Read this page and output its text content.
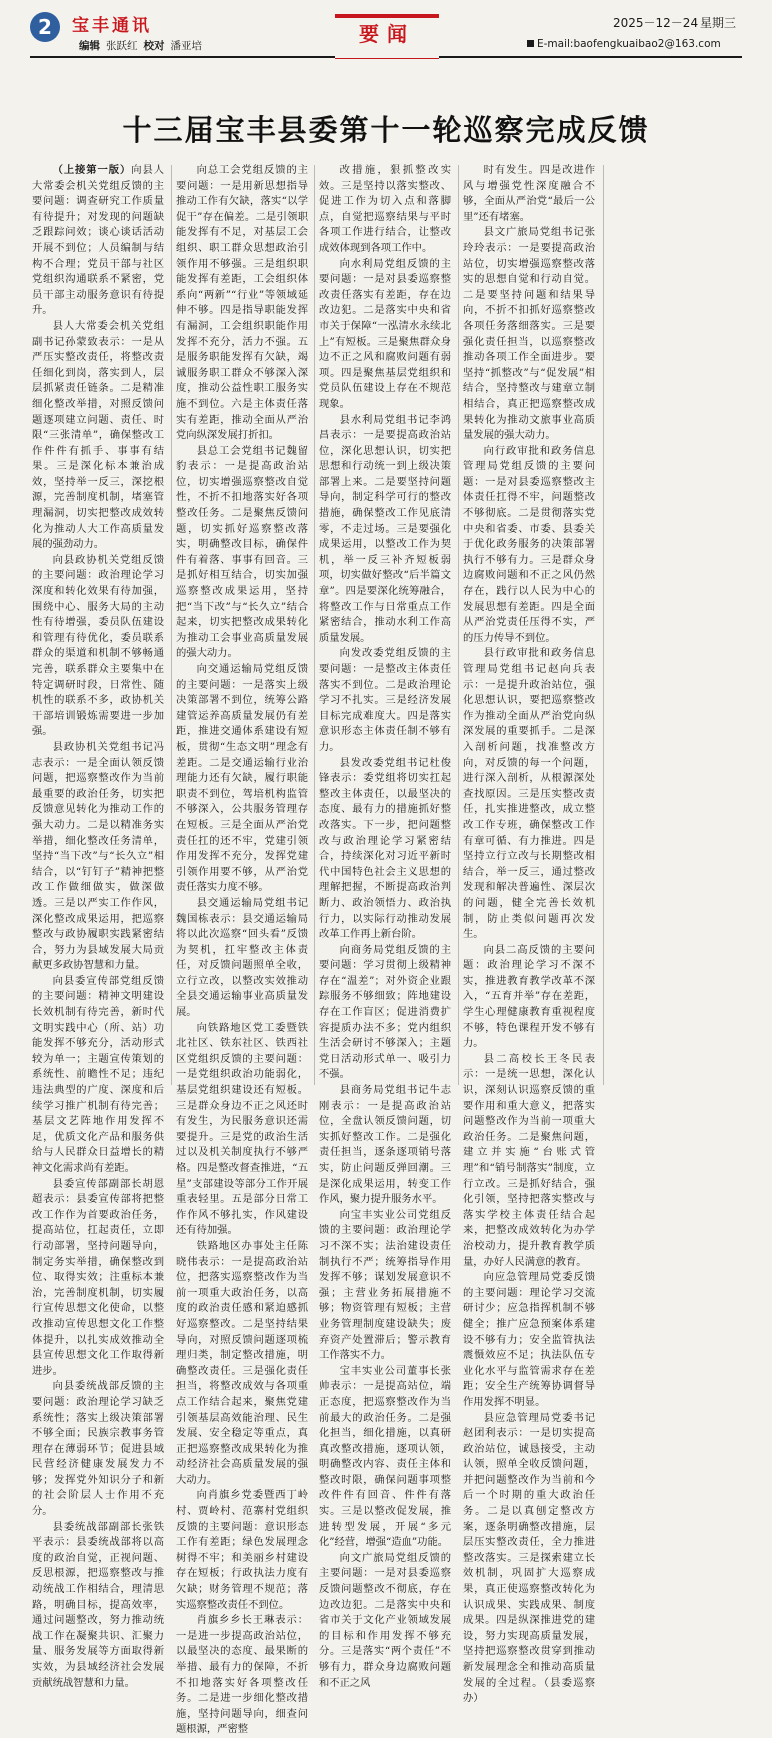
2	宝丰通讯
编辑 张跃红 校对 潘亚培	要闻	2025－12－24 星期三
E-mail:baofengkuaibao2@163.com
十三届宝丰县委第十一轮巡察完成反馈

（上接第一版）向县人大常委会机关党组反馈的主要问题：调查研究工作质量有待提升；对发现的问题缺乏跟踪问效；谈心谈话活动开展不到位；人员编制与结构不合理；党员干部与社区党组织沟通联系不紧密，党员干部主动服务意识有待提升。

县人大常委会机关党组副书记孙蒙致表示：一是从严压实整改责任，将整改责任细化到岗，落实到人，层层抓紧责任链条。二是精准细化整改举措，对照反馈问题逐项建立问题、责任、时限“三张清单”，确保整改工作件件有抓手、事事有结果。三是深化标本兼治成效，坚持举一反三，深挖根源，完善制度机制，堵塞管理漏洞，切实把整改成效转化为推动人大工作高质量发展的强劲动力。

向县政协机关党组反馈的主要问题：政治理论学习深度和转化效果有待加强，围绕中心、服务大局的主动性有待增强，委员队伍建设和管理有待优化，委员联系群众的渠道和机制不够畅通完善，联系群众主要集中在特定调研时段，日常性、随机性的联系不多，政协机关干部培训锻炼需要进一步加强。

县政协机关党组书记冯志表示：一是全面认领反馈问题，把巡察整改作为当前最重要的政治任务，切实把反馈意见转化为推动工作的强大动力。二是以精准务实举措，细化整改任务清单，坚持“当下改”与“长久立”相结合，以“钉钉子”精神把整改工作做细做实，做深做透。三是以严实工作作风，深化整改成果运用，把巡察整改与政协履职实践紧密结合，努力为县域发展大局贡献更多政协智慧和力量。

向县委宣传部党组反馈的主要问题：精神文明建设长效机制有待完善，新时代文明实践中心（所、站）功能发挥不够充分，活动形式较为单一；主题宣传策划的系统性、前瞻性不足；违纪违法典型的广度、深度和后续学习推广机制有待完善；基层文艺阵地作用发挥不足，优质文化产品和服务供给与人民群众日益增长的精神文化需求尚有差距。

县委宣传部副部长胡恩超表示：县委宣传部将把整改工作作为首要政治任务，提高站位，扛起责任，立即行动部署，坚持问题导向，制定务实举措，确保整改到位、取得实效；注重标本兼治，完善制度机制，切实履行宣传思想文化使命，以整改推动宣传思想文化工作整体提升，以扎实成效推动全县宣传思想文化工作取得新进步。

向县委统战部反馈的主要问题：政治理论学习缺乏系统性；落实上级决策部署不够全面；民族宗教事务管理存在薄弱环节；促进县域民营经济健康发展发力不够；发挥党外知识分子和新的社会阶层人士作用不充分。

县委统战部副部长张铁平表示：县委统战部将以高度的政治自觉，正视问题、反思根源，把巡察整改与推动统战工作相结合，理清思路，明确目标，提高效率，通过问题整改，努力推动统战工作在凝聚共识、汇聚力量、服务发展等方面取得新实效，为县域经济社会发展贡献统战智慧和力量。

向总工会党组反馈的主要问题：一是用新思想指导推动工作有欠缺，落实“以学促干”存在偏差。二是引领职能发挥有不足，对基层工会组织、职工群众思想政治引领作用不够强。三是组织职能发挥有差距，工会组织体系向“两新”“行业”等领域延伸不够。四是指导职能发挥有漏洞，工会组织职能作用发挥不充分，活力不强。五是服务职能发挥有欠缺，竭诚服务职工群众不够深入深度，推动公益性职工服务实施不到位。六是主体责任落实有差距，推动全面从严治党向纵深发展打折扣。

县总工会党组书记魏留豹表示：一是提高政治站位，切实增强巡察整改自觉性，不折不扣地落实好各项整改任务。二是聚焦反馈问题，切实抓好巡察整改落实，明确整改目标，确保件件有着落、事事有回音。三是抓好相互结合，切实加强巡察整改成果运用，坚持把“当下改”与“长久立”结合起来，切实把整改成果转化为推动工会事业高质量发展的强大动力。

向交通运输局党组反馈的主要问题：一是落实上级决策部署不到位，统筹公路建管运养高质量发展仍有差距，推进交通体系建设有短板，贯彻“生态文明”理念有差距。二是交通运输行业治理能力还有欠缺，履行职能职责不到位，驾培机构监管不够深入，公共服务管理存在短板。三是全面从严治党责任扛的还不牢，党建引领作用发挥不充分，发挥党建引领作用要不够，从严治党责任落实力度不够。

县交通运输局党组书记魏国栋表示：县交通运输局将以此次巡察“回头看”反馈为契机，扛牢整改主体责任，对反馈问题照单全收，立行立改，以整改实效推动全县交通运输事业高质量发展。

向铁路地区党工委暨铁北社区、铁东社区、铁西社区党组织反馈的主要问题：一是党组织政治功能弱化，基层党组织建设还有短板。三是群众身边不正之风还时有发生，为民服务意识还需要提升。三是党的政治生活过以及机关制度执行不够严格。四是整改督查推进，“五星”支部建设等部分工作开展重表轻里。五是部分日常工作作风不够扎实，作风建设还有待加强。

铁路地区办事处主任陈晓伟表示：一是提高政治站位，把落实巡察整改作为当前一项重大政治任务，以高度的政治责任感和紧迫感抓好巡察整改。二是坚持结果导向，对照反馈问题逐项梳理归类，制定整改措施，明确整改责任。三是强化责任担当，将整改成效与各项重点工作结合起来，聚焦党建引领基层高效能治理、民生发展、安全稳定等重点，真正把巡察整改成果转化为推动经济社会高质量发展的强大动力。

向肖旗乡党委暨西丁岭村、贾岭村、范寨村党组织反馈的主要问题：意识形态工作有差距；绿色发展理念树得不牢；和美丽乡村建设存在短板；行政执法力度有欠缺；财务管理不规范；落实巡察整改责任不到位。

肖旗乡乡长王琳表示：一是进一步提高政治站位，以最坚决的态度、最果断的举措、最有力的保障，不折不扣地落实好各项整改任务。二是进一步细化整改措施，坚持问题导向，细查问题根源，严密整

改措施，狠抓整改实效。三是坚持以落实整改、促进工作为切入点和落脚点，自觉把巡察结果与平时各项工作进行结合，让整改成效体现到各项工作中。

向水利局党组反馈的主要问题：一是对县委巡察整改责任落实有差距，存在边改边犯。二是落实中央和省市关于保障“一泓清水永续北上”有短板。三是聚焦群众身边不正之风和腐败问题有弱项。四是聚焦基层党组织和党员队伍建设上存在不规范现象。

县水利局党组书记李鸿昌表示：一是要提高政治站位，深化思想认识，切实把思想和行动统一到上级决策部署上来。二是要坚持问题导向，制定科学可行的整改措施，确保整改工作见底清零，不走过场。三是要强化成果运用，以整改工作为契机，举一反三补齐短板弱项，切实做好整改“后半篇文章”。四是要深化统筹融合，将整改工作与日常重点工作紧密结合，推动水利工作高质量发展。

向发改委党组反馈的主要问题：一是整改主体责任落实不到位。二是政治理论学习不扎实。三是经济发展目标完成难度大。四是落实意识形态主体责任制不够有力。

县发改委党组书记杜俊锋表示：委党组将切实扛起整改主体责任，以最坚决的态度、最有力的措施抓好整改落实。下一步，把问题整改与政治理论学习紧密结合，持续深化对习近平新时代中国特色社会主义思想的理解把握，不断提高政治判断力、政治领悟力、政治执行力，以实际行动推动发展改革工作再上新台阶。

向商务局党组反馈的主要问题：学习贯彻上级精神存在“温差”；对外资企业跟踪服务不够细致；阵地建设存在工作盲区；促进消费扩容提质办法不多；党内组织生活会研讨不够深入；主题党日活动形式单一、吸引力不强。

县商务局党组书记牛志刚表示：一是提高政治站位，全盘认领反馈问题，切实抓好整改工作。二是强化责任担当，逐条逐项销号落实，防止问题反弹回潮。三是深化成果运用，转变工作作风，聚力提升服务水平。

向宝丰实业公司党组反馈的主要问题：政治理论学习不深不实；法治建设责任制执行不严；统筹指导作用发挥不够；谋划发展意识不强；主营业务拓展措施不够；物资管理有短板；主营业务管理制度建设缺失；废弃资产处置滞后；警示教育工作落实不力。

宝丰实业公司董事长张帅表示：一是提高站位，端正态度，把巡察整改作为当前最大的政治任务。二是强化担当，细化措施，以真研真改整改措施，逐项认领，明确整改内容、责任主体和整改时限，确保问题事项整改件件有回音、件件有落实。三是以整改促发展，推进转型发展，开展“多元化”经营，增强“造血”功能。

向文广旅局党组反馈的主要问题：一是对县委巡察反馈问题整改不彻底，存在边改边犯。二是落实中央和省市关于文化产业领域发展的目标和作用发挥不够充分。三是落实“两个责任”不够有力，群众身边腐败问题和不正之风

时有发生。四是改进作风与增强党性深度融合不够，全面从严治党“最后一公里”还有堵塞。

县文广旅局党组书记张玲玲表示：一是要提高政治站位，切实增强巡察整改落实的思想自觉和行动自觉。二是要坚持问题和结果导向，不折不扣抓好巡察整改各项任务落细落实。三是要强化责任担当，以巡察整改推动各项工作全面进步。要坚持“抓整改”与“促发展”相结合，坚持整改与建章立制相结合，真正把巡察整改成果转化为推动文旅事业高质量发展的强大动力。

向行政审批和政务信息管理局党组反馈的主要问题：一是对县委巡察整改主体责任扛得不牢，问题整改不够彻底。二是贯彻落实党中央和省委、市委、县委关于优化政务服务的决策部署执行不够有力。三是群众身边腐败问题和不正之风仍然存在，践行以人民为中心的发展思想有差距。四是全面从严治党责任压得不实，严的压力传导不到位。

县行政审批和政务信息管理局党组书记赵向兵表示：一是提升政治站位，强化思想认识，要把巡察整改作为推动全面从严治党向纵深发展的重要抓手。二是深入剖析问题，找准整改方向，对反馈的每一个问题，进行深入剖析，从根源深处查找原因。三是压实整改责任，扎实推进整改，成立整改工作专班，确保整改工作有章可循、有力推进。四是坚持立行立改与长期整改相结合，举一反三，通过整改发现和解决普遍性、深层次的问题，健全完善长效机制，防止类似问题再次发生。

向县二高反馈的主要问题：政治理论学习不深不实，推进教育教学改革不深入，“五育并举”存在差距，学生心理健康教育重视程度不够，特色课程开发不够有力。

县二高校长王冬民表示：一是统一思想，深化认识，深刻认识巡察反馈的重要作用和重大意义，把落实问题整改作为当前一项重大政治任务。二是聚焦问题，建立并实施“台账式管理”和“销号制落实”制度，立行立改。三是抓好结合，强化引领，坚持把落实整改与落实学校主体责任结合起来，把整改成效转化为办学治校动力，提升教育教学质量，办好人民满意的教育。

向应急管理局党委反馈的主要问题：理论学习交流研讨少；应急指挥机制不够健全；推广应急预案体系建设不够有力；安全监管执法震慑效应不足；执法队伍专业化水平与监管需求存在差距；安全生产统筹协调督导作用发挥不明显。

县应急管理局党委书记赵团利表示：一是切实提高政治站位，诚恳接受，主动认领，照单全收反馈问题，并把问题整改作为当前和今后一个时期的重大政治任务。二是以真刨定整改方案，逐条明确整改措施，层层压实整改责任，全力推进整改落实。三是探索建立长效机制，巩固扩大巡察成果，真正使巡察整改转化为认识成果、实践成果、制度成果。四是纵深推进党的建设，努力实现高质量发展，坚持把巡察整改贯穿到推动新发展理念全和推动高质量发展的全过程。（县委巡察办）
